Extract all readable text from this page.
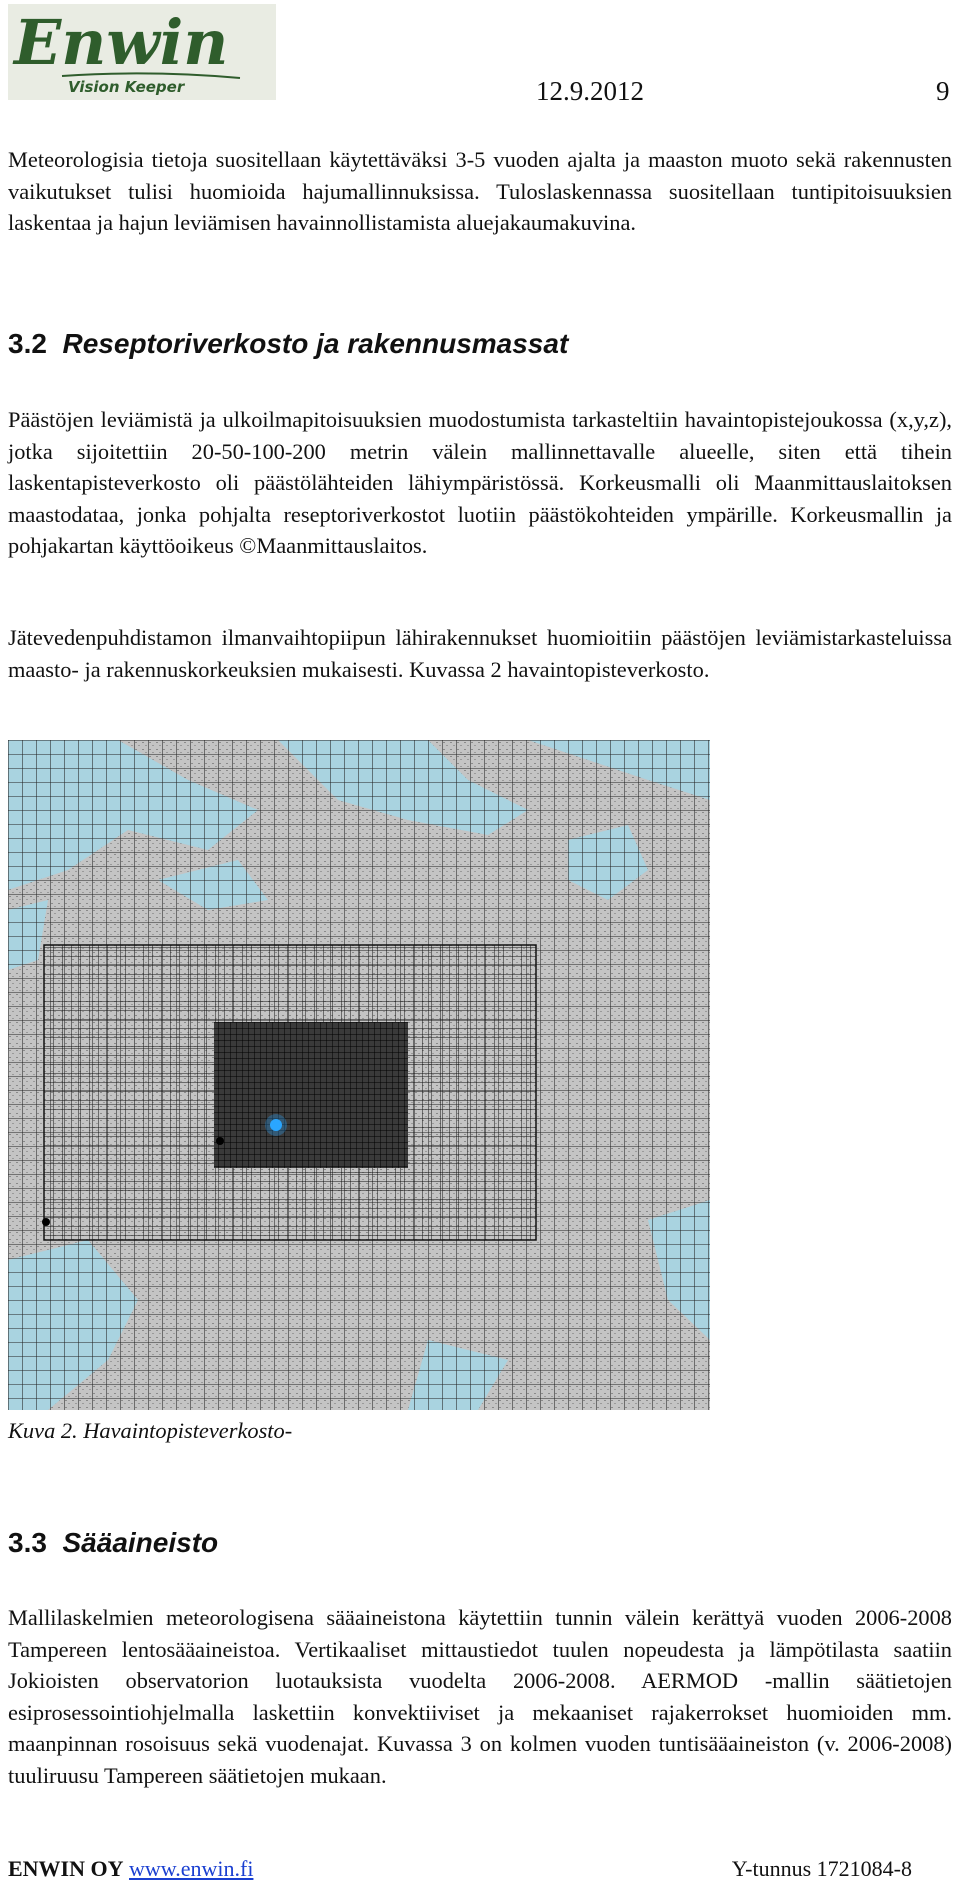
Enwin
Vision Keeper	12.9.2012	9

Meteorologisia tietoja suositellaan käytettäväksi 3-5 vuoden ajalta ja maaston muoto sekä rakennusten vaikutukset tulisi huomioida hajumallinnuksissa. Tuloslaskennassa suositellaan tuntipitoisuuksien laskentaa ja hajun leviämisen havainnollistamista aluejakaumakuvina.

3.2 Reseptoriverkosto ja rakennusmassat

Päästöjen leviämistä ja ulkoilmapitoisuuksien muodostumista tarkasteltiin havaintopistejoukossa (x,y,z), jotka sijoitettiin 20-50-100-200 metrin välein mallinnettavalle alueelle, siten että tihein laskentapisteverkosto oli päästölähteiden lähiympäristössä. Korkeusmalli oli Maanmittauslaitoksen maastodataa, jonka pohjalta reseptoriverkostot luotiin päästökohteiden ympärille. Korkeusmallin ja pohjakartan käyttöoikeus ©Maanmittauslaitos.

Jätevedenpuhdistamon ilmanvaihtopiipun lähirakennukset huomioitiin päästöjen leviämistarkasteluissa maasto- ja rakennuskorkeuksien mukaisesti. Kuvassa 2 havaintopisteverkosto.

Kuva 2. Havaintopisteverkosto-

3.3 Sääaineisto

Mallilaskelmien meteorologisena sääaineistona käytettiin tunnin välein kerättyä vuoden 2006-2008 Tampereen lentosääaineistoa. Vertikaaliset mittaustiedot tuulen nopeudesta ja lämpötilasta saatiin Jokioisten observatorion luotauksista vuodelta 2006-2008. AERMOD -mallin säätietojen esiprosessointiohjelmalla laskettiin konvektiiviset ja mekaaniset rajakerrokset huomioiden mm. maanpinnan rosoisuus sekä vuodenajat. Kuvassa 3 on kolmen vuoden tuntisääaineiston (v. 2006-2008) tuuliruusu Tampereen säätietojen mukaan.

ENWIN OY www.enwin.fi	Y-tunnus 1721084-8
